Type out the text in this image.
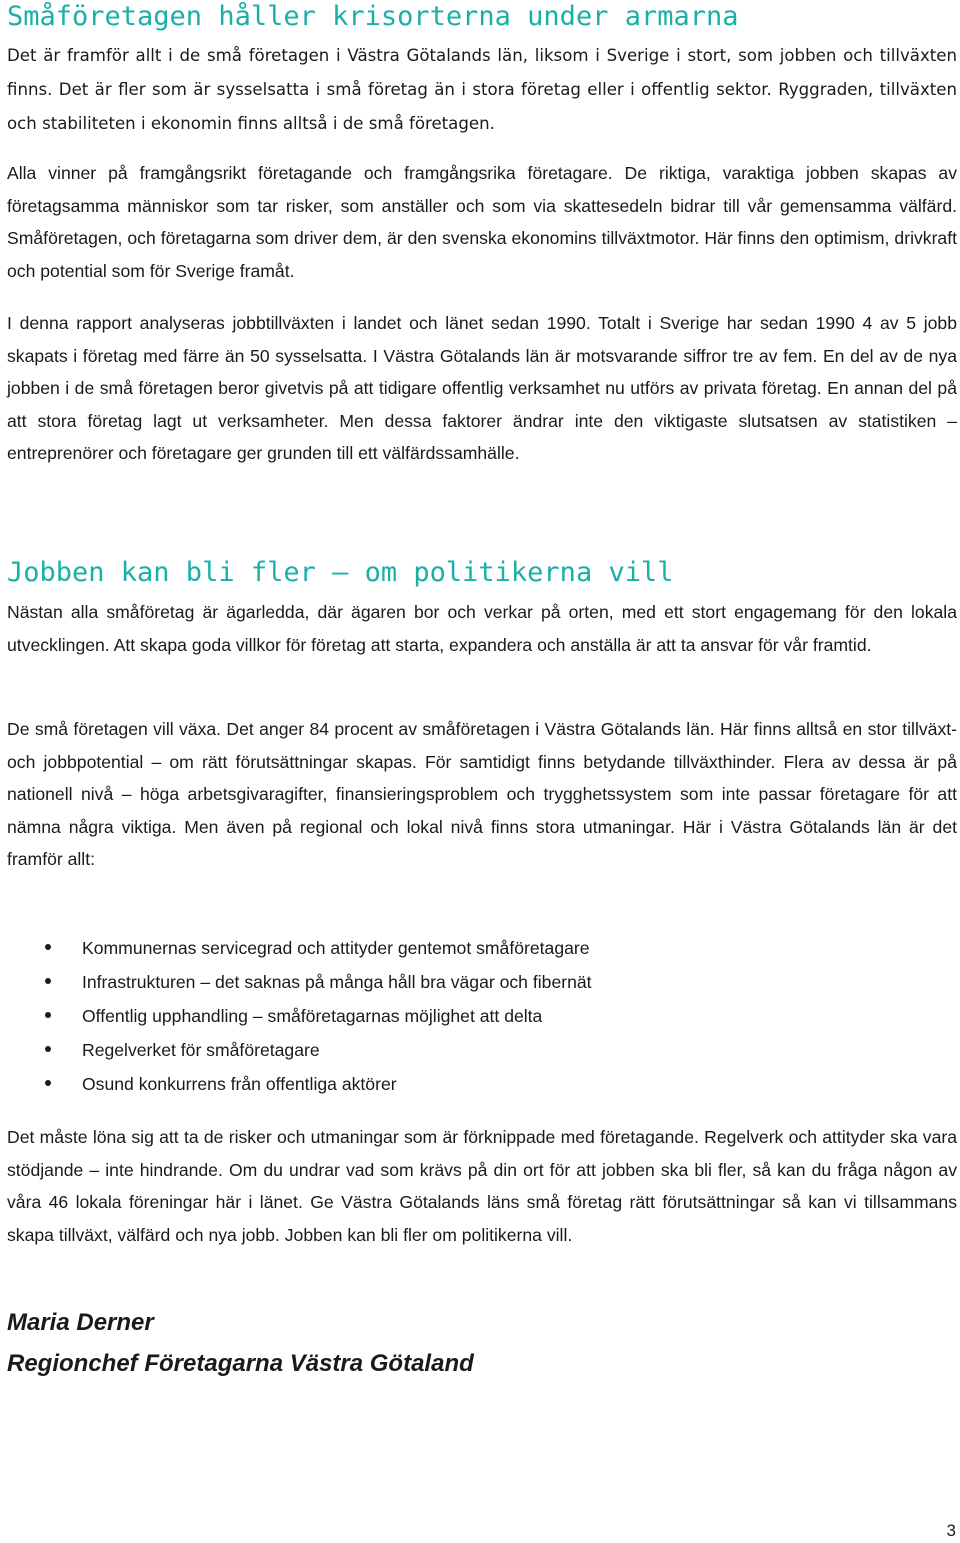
Småföretagen håller krisorterna under armarna

Det är framför allt i de små företagen i Västra Götalands län, liksom i Sverige i stort, som jobben och tillväxten finns. Det är fler som är sysselsatta i små företag än i stora företag eller i offentlig sektor. Ryggraden, tillväxten och stabiliteten i ekonomin finns alltså i de små företagen.

Alla vinner på framgångsrikt företagande och framgångsrika företagare. De riktiga, varaktiga jobben skapas av företagsamma människor som tar risker, som anställer och som via skattesedeln bidrar till vår gemensamma välfärd. Småföretagen, och företagarna som driver dem, är den svenska ekonomins tillväxtmotor. Här finns den optimism, drivkraft och potential som för Sverige framåt.

I denna rapport analyseras jobbtillväxten i landet och länet sedan 1990. Totalt i Sverige har sedan 1990 4 av 5 jobb skapats i företag med färre än 50 sysselsatta. I Västra Götalands län är motsvarande siffror tre av fem. En del av de nya jobben i de små företagen beror givetvis på att tidigare offentlig verksamhet nu utförs av privata företag. En annan del på att stora företag lagt ut verksamheter. Men dessa faktorer ändrar inte den viktigaste slutsatsen av statistiken – entreprenörer och företagare ger grunden till ett välfärdssamhälle.

Jobben kan bli fler – om politikerna vill

Nästan alla småföretag är ägarledda, där ägaren bor och verkar på orten, med ett stort engagemang för den lokala utvecklingen. Att skapa goda villkor för företag att starta, expandera och anställa är att ta ansvar för vår framtid.

De små företagen vill växa. Det anger 84 procent av småföretagen i Västra Götalands län. Här finns alltså en stor tillväxt- och jobbpotential – om rätt förutsättningar skapas. För samtidigt finns betydande tillväxthinder. Flera av dessa är på nationell nivå – höga arbetsgivaragifter, finansieringsproblem och trygghetssystem som inte passar företagare för att nämna några viktiga. Men även på regional och lokal nivå finns stora utmaningar. Här i Västra Götalands län är det framför allt:

Kommunernas servicegrad och attityder gentemot småföretagare
Infrastrukturen – det saknas på många håll bra vägar och fibernät
Offentlig upphandling – småföretagarnas möjlighet att delta
Regelverket för småföretagare
Osund konkurrens från offentliga aktörer

Det måste löna sig att ta de risker och utmaningar som är förknippade med företagande. Regelverk och attityder ska vara stödjande – inte hindrande. Om du undrar vad som krävs på din ort för att jobben ska bli fler, så kan du fråga någon av våra 46 lokala föreningar här i länet. Ge Västra Götalands läns små företag rätt förutsättningar så kan vi tillsammans skapa tillväxt, välfärd och nya jobb. Jobben kan bli fler om politikerna vill.

Maria Derner

Regionchef Företagarna Västra Götaland

3
